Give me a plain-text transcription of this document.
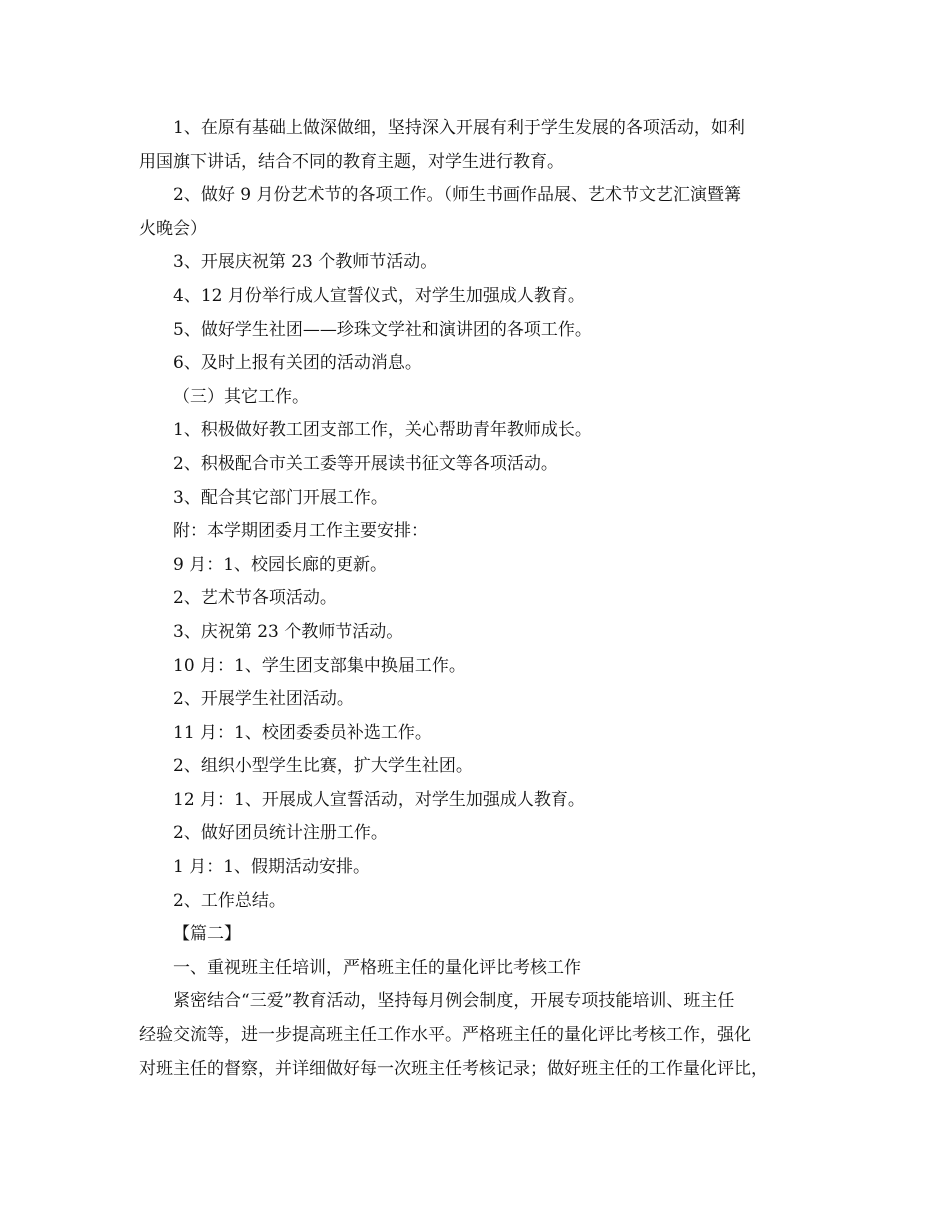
1、在原有基础上做深做细，坚持深入开展有利于学生发展的各项活动，如利
用国旗下讲话，结合不同的教育主题，对学生进行教育。
2、做好 9 月份艺术节的各项工作。（师生书画作品展、艺术节文艺汇演暨篝
火晚会）
3、开展庆祝第 23 个教师节活动。
4、12 月份举行成人宣誓仪式，对学生加强成人教育。
5、做好学生社团——珍珠文学社和演讲团的各项工作。
6、及时上报有关团的活动消息。
（三）其它工作。
1、积极做好教工团支部工作，关心帮助青年教师成长。
2、积极配合市关工委等开展读书征文等各项活动。
3、配合其它部门开展工作。
附：本学期团委月工作主要安排：
9 月：1、校园长廊的更新。
2、艺术节各项活动。
3、庆祝第 23 个教师节活动。
10 月：1、学生团支部集中换届工作。
2、开展学生社团活动。
11 月：1、校团委委员补选工作。
2、组织小型学生比赛，扩大学生社团。
12 月：1、开展成人宣誓活动，对学生加强成人教育。
2、做好团员统计注册工作。
1 月：1、假期活动安排。
2、工作总结。
【篇二】
一、重视班主任培训，严格班主任的量化评比考核工作
紧密结合“三爱”教育活动，坚持每月例会制度，开展专项技能培训、班主任
经验交流等，进一步提高班主任工作水平。严格班主任的量化评比考核工作，强化
对班主任的督察，并详细做好每一次班主任考核记录；做好班主任的工作量化评比，
